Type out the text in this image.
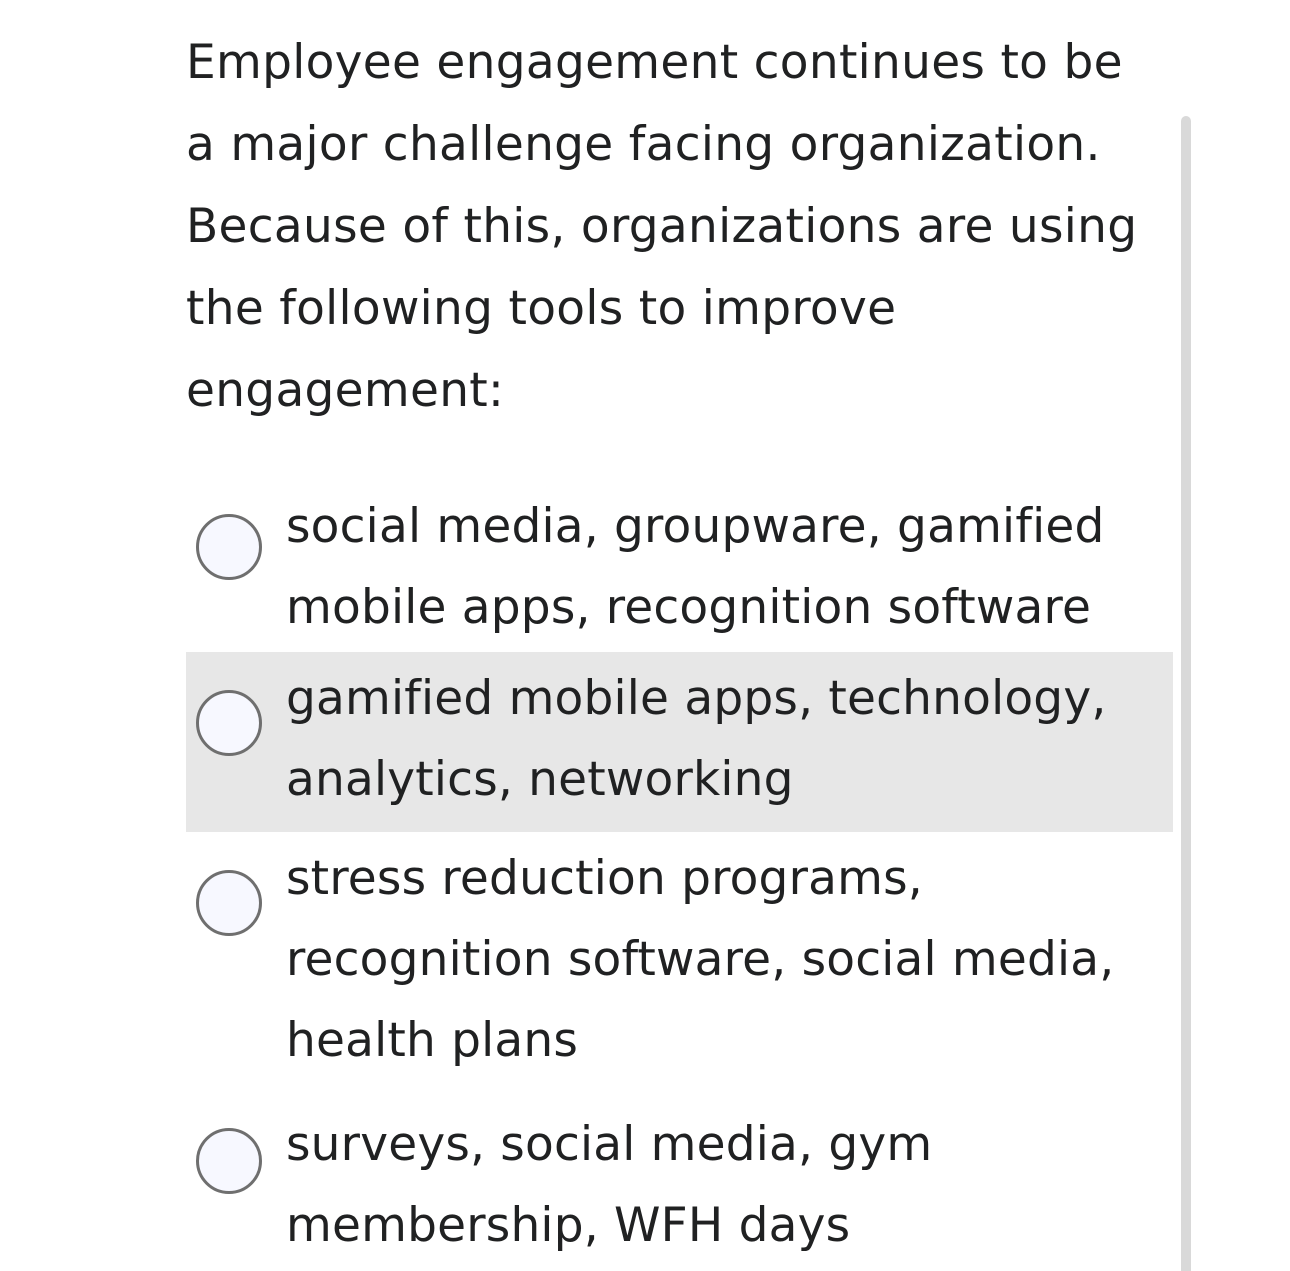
Employee engagement continues to be a major challenge facing organization. Because of this, organizations are using the following tools to improve engagement:

social media, groupware, gamified mobile apps, recognition software
gamified mobile apps, technology, analytics, networking
stress reduction programs, recognition software, social media, health plans
surveys, social media, gym membership, WFH days
